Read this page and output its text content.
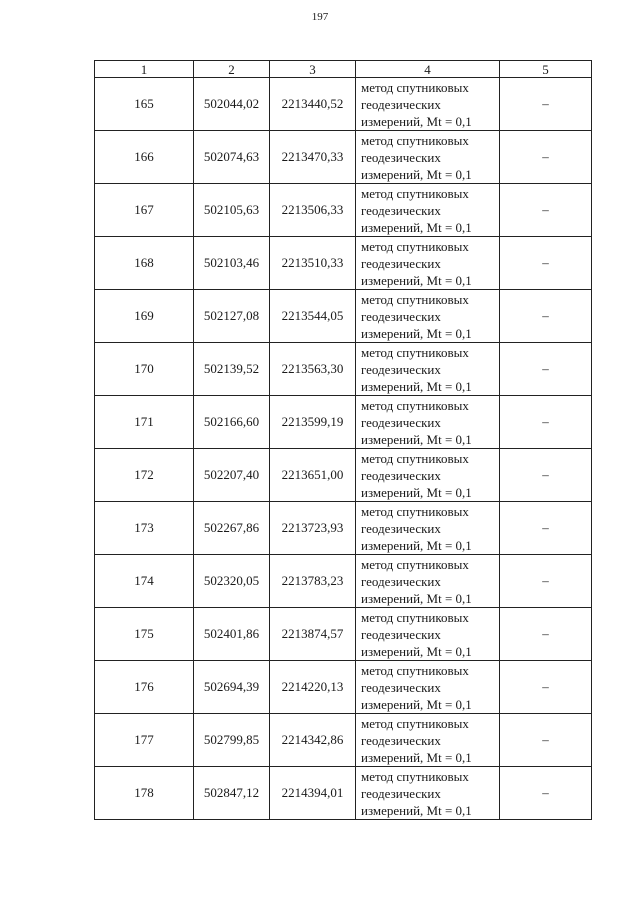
197
1	2	3	4	5
165	502044,02	2213440,52	метод спутниковых
геодезических
измерений, Mt = 0,1	–
166	502074,63	2213470,33	метод спутниковых
геодезических
измерений, Mt = 0,1	–
167	502105,63	2213506,33	метод спутниковых
геодезических
измерений, Mt = 0,1	–
168	502103,46	2213510,33	метод спутниковых
геодезических
измерений, Mt = 0,1	–
169	502127,08	2213544,05	метод спутниковых
геодезических
измерений, Mt = 0,1	–
170	502139,52	2213563,30	метод спутниковых
геодезических
измерений, Mt = 0,1	–
171	502166,60	2213599,19	метод спутниковых
геодезических
измерений, Mt = 0,1	–
172	502207,40	2213651,00	метод спутниковых
геодезических
измерений, Mt = 0,1	–
173	502267,86	2213723,93	метод спутниковых
геодезических
измерений, Mt = 0,1	–
174	502320,05	2213783,23	метод спутниковых
геодезических
измерений, Mt = 0,1	–
175	502401,86	2213874,57	метод спутниковых
геодезических
измерений, Mt = 0,1	–
176	502694,39	2214220,13	метод спутниковых
геодезических
измерений, Mt = 0,1	–
177	502799,85	2214342,86	метод спутниковых
геодезических
измерений, Mt = 0,1	–
178	502847,12	2214394,01	метод спутниковых
геодезических
измерений, Mt = 0,1	–
